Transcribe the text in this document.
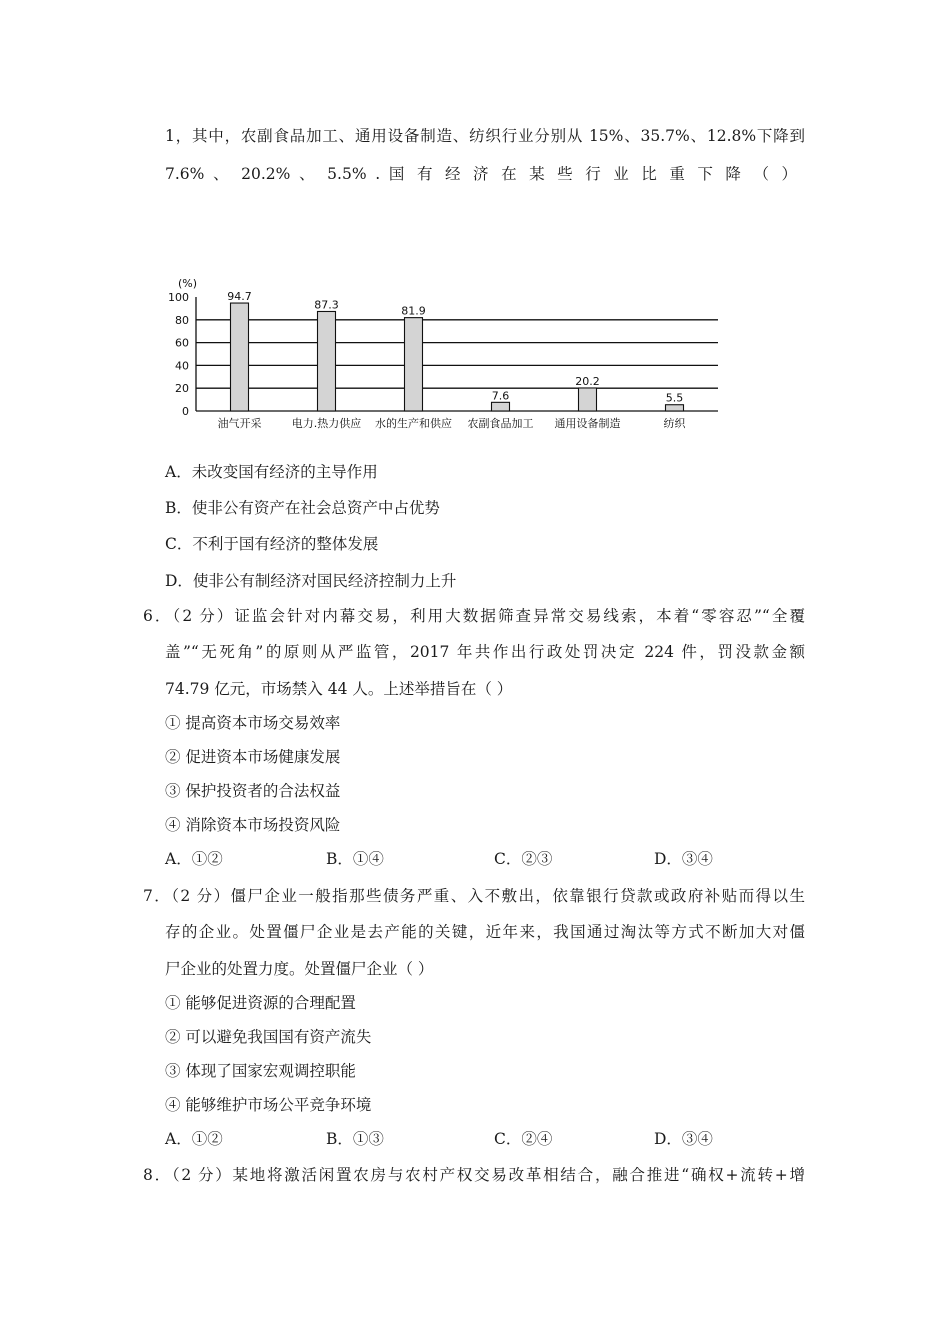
1，其中，农副食品加工、通用设备制造、纺织行业分别从 15%、35.7%、12.8%下降到
7.6% 、 20.2% 、 5.5% . 国 有 经 济 在 某 些 行 业 比 重 下 降 （ ）
(%)
0
20
40
60
80
100	94.7
87.3	81.9
7.6
20.2
5.5
油气开采	电力.热力供应 水的生产和供应 农副食品加工 通用设备制造	纺织
A．未改变国有经济的主导作用
B．使非公有资产在社会总资产中占优势
C．不利于国有经济的整体发展
D．使非公有制经济对国民经济控制力上升
6．（2 分）证监会针对内幕交易，利用大数据筛查异常交易线索，本着“零容忍”“全覆
盖”“无死角”的原则从严监管，2017 年共作出行政处罚决定 224 件，罚没款金额
74.79 亿元，市场禁入 44 人。上述举措旨在（ ）
① 提高资本市场交易效率
② 促进资本市场健康发展
③ 保护投资者的合法权益
④ 消除资本市场投资风险
A．①②	B．①④	C．②③	D．③④
7．（2 分）僵尸企业一般指那些债务严重、入不敷出，依靠银行贷款或政府补贴而得以生
存的企业。处置僵尸企业是去产能的关键，近年来，我国通过淘汰等方式不断加大对僵
尸企业的处置力度。处置僵尸企业（ ）
① 能够促进资源的合理配置
② 可以避免我国国有资产流失
③ 体现了国家宏观调控职能
④ 能够维护市场公平竞争环境
A．①②	B．①③	C．②④	D．③④
8．（2 分）某地将激活闲置农房与农村产权交易改革相结合，融合推进“确权+流转+增
